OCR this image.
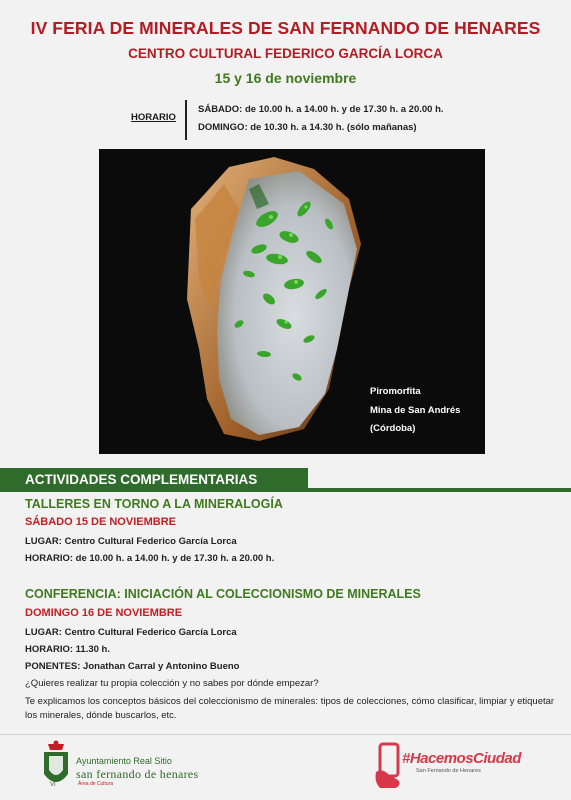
IV FERIA DE MINERALES DE SAN FERNANDO DE HENARES
CENTRO CULTURAL FEDERICO GARCÍA LORCA
15 y 16 de noviembre
HORARIO
SÁBADO: de 10.00 h. a 14.00 h. y de 17.30 h. a 20.00 h.
DOMINGO: de 10.30 h. a 14.30 h. (sólo mañanas)
Piromorfita
Mina de San Andrés
(Córdoba)
ACTIVIDADES COMPLEMENTARIAS
TALLERES EN TORNO A LA MINERALOGÍA
SÁBADO 15 DE NOVIEMBRE
LUGAR: Centro Cultural Federico García Lorca
HORARIO: de 10.00 h. a 14.00 h. y de 17.30 h. a 20.00 h.
CONFERENCIA: INICIACIÓN AL COLECCIONISMO DE MINERALES
DOMINGO 16 DE NOVIEMBRE
LUGAR: Centro Cultural Federico García Lorca
HORARIO: 11.30 h.
PONENTES: Jonathan Carral y Antonino Bueno
¿Quieres realizar tu propia colección y no sabes por dónde empezar?
Te explicamos los conceptos básicos del coleccionismo de minerales: tipos de colecciones, cómo clasificar, limpiar y etiquetar los minerales, dónde buscarlos, etc.
VI
Ayuntamiento Real Sitio
san fernando de henares
Área de Cultura
#HacemosCiudad
San Fernando de Henares
